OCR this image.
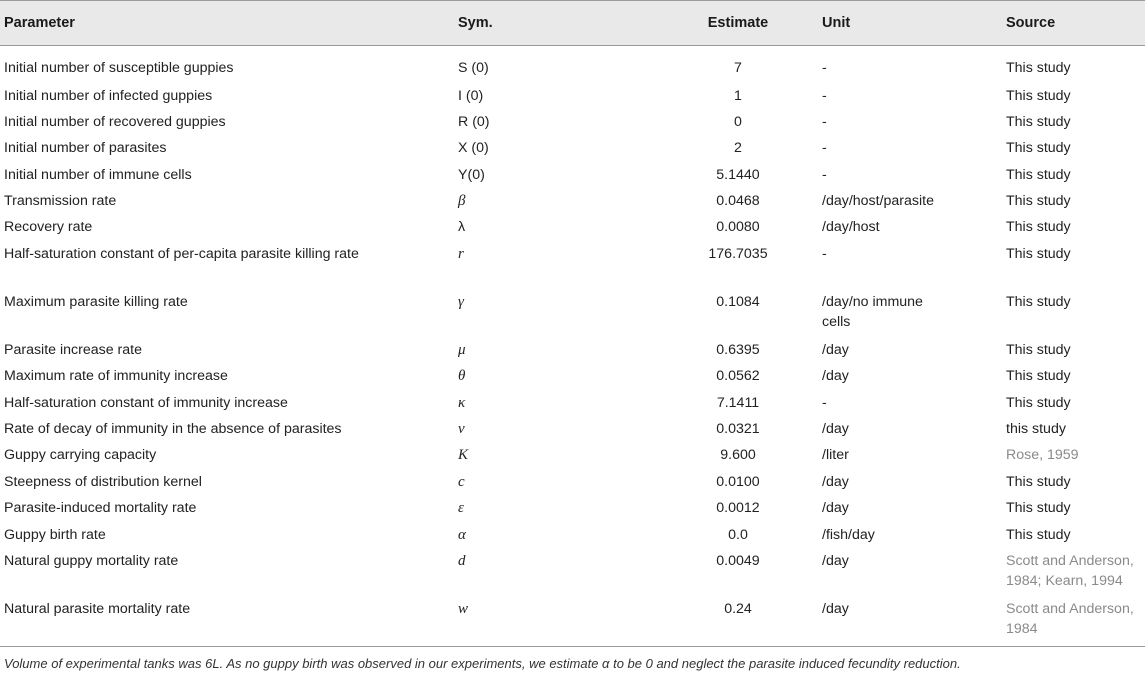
Parameter	Sym.	Estimate	Unit	Source
Initial number of susceptible guppies	S (0)	7	-	This study
Initial number of infected guppies	I (0)	1	-	This study
Initial number of recovered guppies	R (0)	0	-	This study
Initial number of parasites	X (0)	2	-	This study
Initial number of immune cells	Y(0)	5.1440	-	This study
Transmission rate	β	0.0468	/day/host/parasite	This study
Recovery rate	λ	0.0080	/day/host	This study
Half-saturation constant of per-capita parasite killing rate	r	176.7035	-	This study
Maximum parasite killing rate	γ	0.1084	/day/no immune cells	This study
Parasite increase rate	μ	0.6395	/day	This study
Maximum rate of immunity increase	θ	0.0562	/day	This study
Half-saturation constant of immunity increase	κ	7.1411	-	This study
Rate of decay of immunity in the absence of parasites	ν	0.0321	/day	this study
Guppy carrying capacity	K	9.600	/liter	Rose, 1959
Steepness of distribution kernel	c	0.0100	/day	This study
Parasite-induced mortality rate	ε	0.0012	/day	This study
Guppy birth rate	α	0.0	/fish/day	This study
Natural guppy mortality rate	d	0.0049	/day	Scott and Anderson, 1984; Kearn, 1994
Natural parasite mortality rate	w	0.24	/day	Scott and Anderson, 1984
Volume of experimental tanks was 6L. As no guppy birth was observed in our experiments, we estimate α to be 0 and neglect the parasite induced fecundity reduction.
